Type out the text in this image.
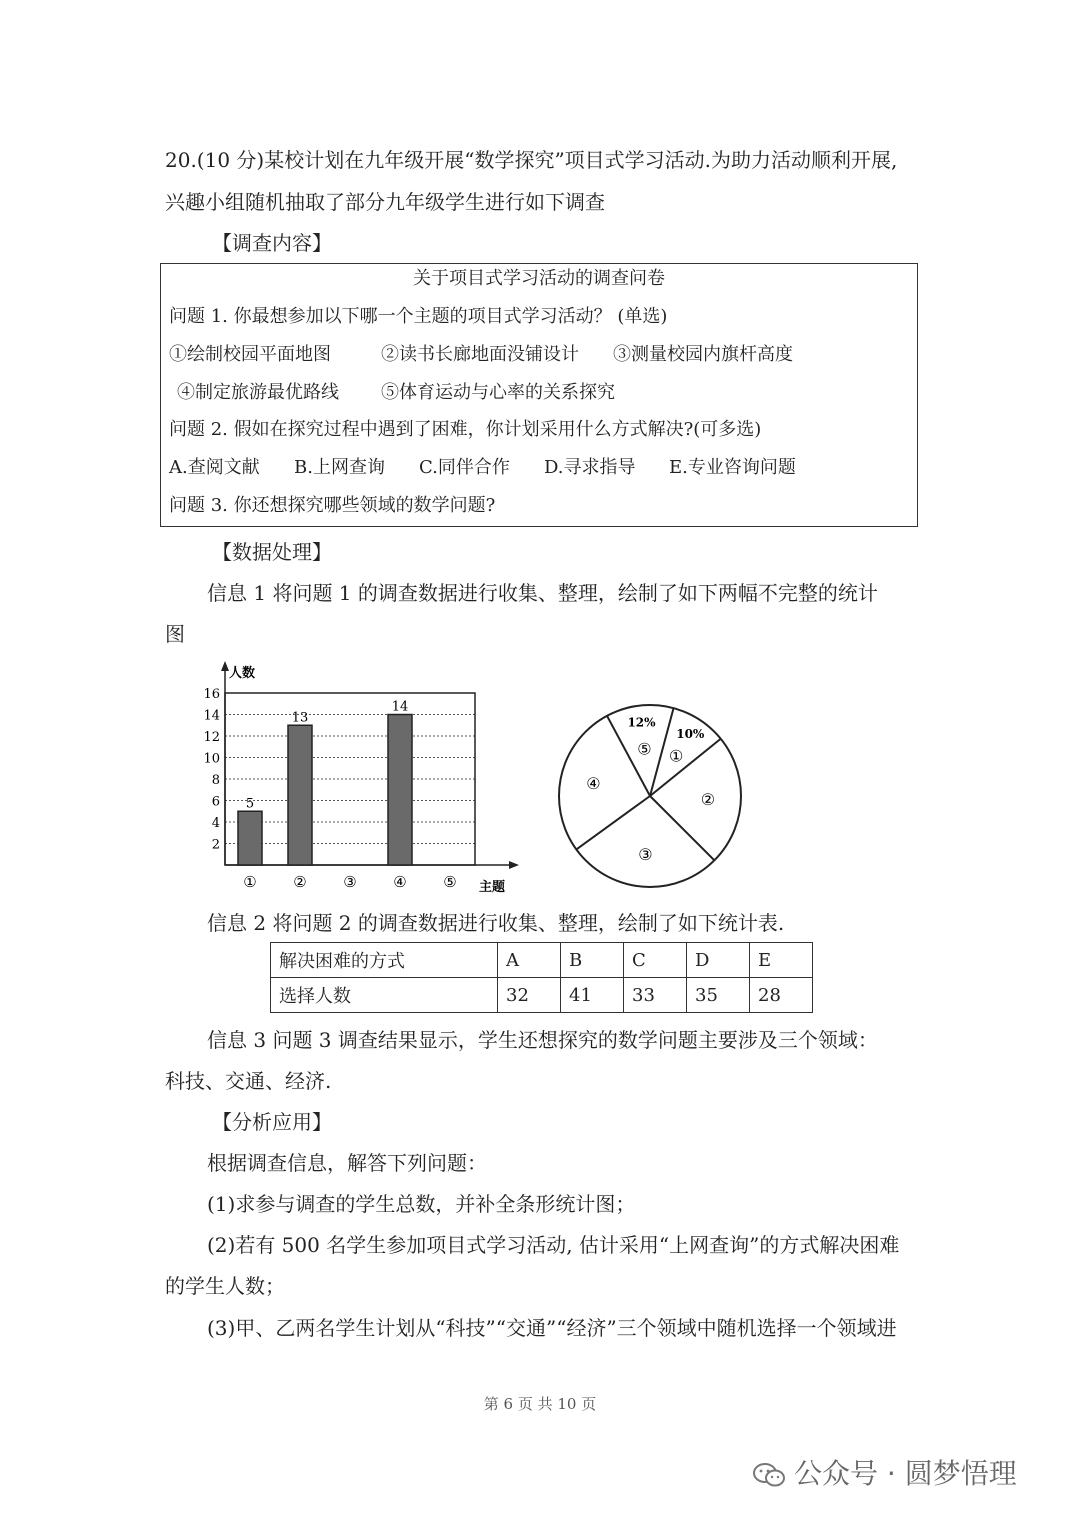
20.(10 分)某校计划在九年级开展“数学探究”项目式学习活动.为助力活动顺利开展,
兴趣小组随机抽取了部分九年级学生进行如下调查
【调查内容】
关于项目式学习活动的调查问卷
问题 1. 你最想参加以下哪一个主题的项目式学习活动？ (单选)
①绘制校园平面地图	②读书长廊地面没铺设计 ③测量校园内旗杆高度
④制定旅游最优路线 ⑤体育运动与心率的关系探究
问题 2. 假如在探究过程中遇到了困难，你计划采用什么方式解决?(可多选)
A.查阅文献 B.上网查询 C.同伴合作 D.寻求指导 E.专业咨询问题
问题 3. 你还想探究哪些领域的数学问题?
【数据处理】
信息 1 将问题 1 的调查数据进行收集、整理，绘制了如下两幅不完整的统计
图
人数
主题
2
4
6
8
10
12
14
16
5
13
14
① ② ③ ④ ⑤
①
10%
②
③
④
⑤
12%
信息 2 将问题 2 的调查数据进行收集、整理，绘制了如下统计表.
解决困难的方式	A	B	C	D	E
选择人数	32	41	33	35	28
信息 3 问题 3 调查结果显示，学生还想探究的数学问题主要涉及三个领域：
科技、交通、经济.
【分析应用】
根据调查信息，解答下列问题：
(1)求参与调查的学生总数，并补全条形统计图；
(2)若有 500 名学生参加项目式学习活动, 估计采用“上网查询”的方式解决困难
的学生人数；
(3)甲、乙两名学生计划从“科技”“交通”“经济”三个领域中随机选择一个领域进
第 6 页 共 10 页
公众号 · 圆梦悟理
